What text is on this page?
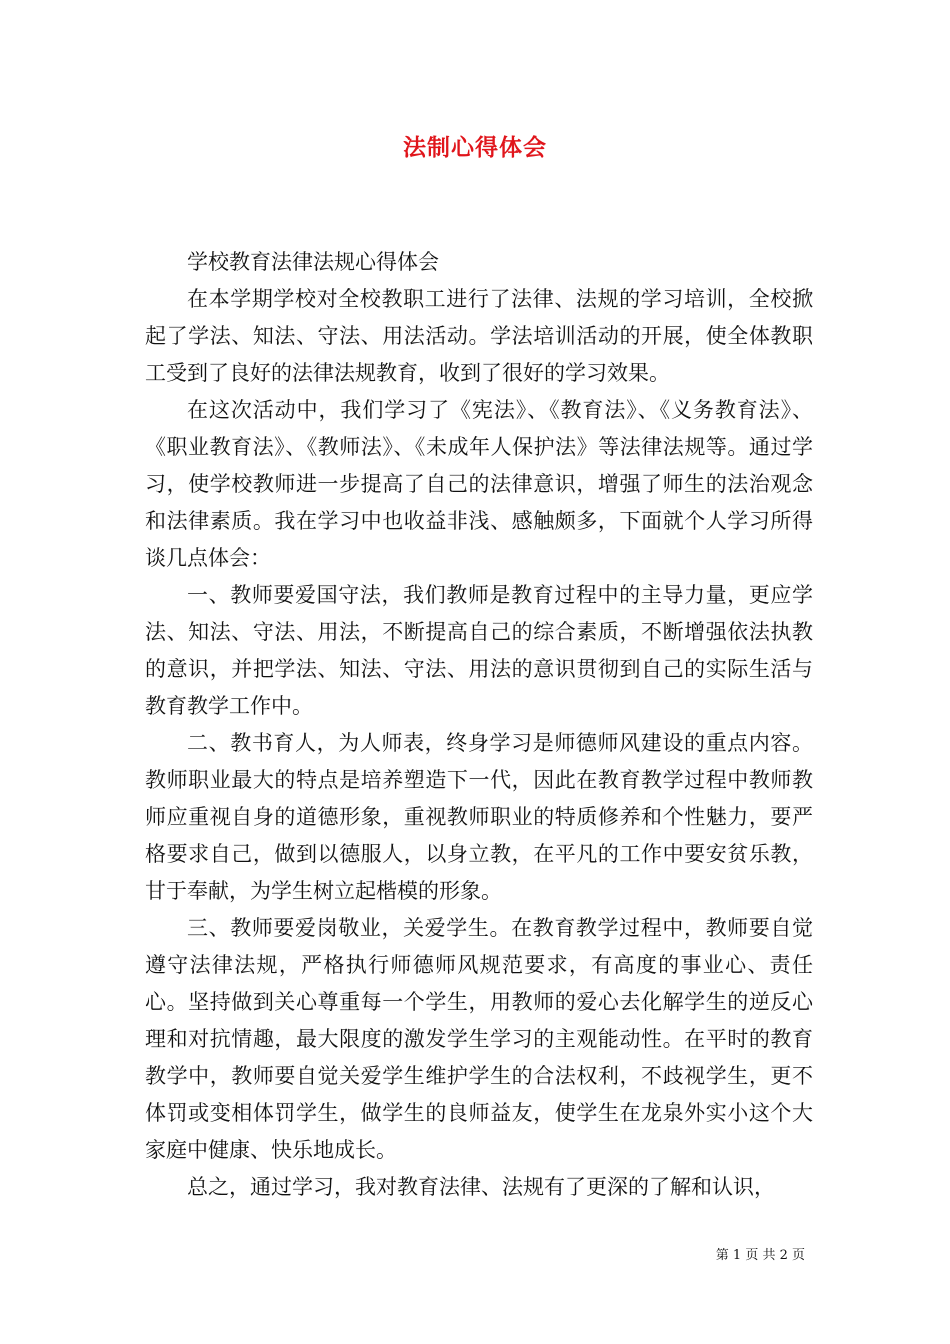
法制心得体会

学校教育法律法规心得体会

在本学期学校对全校教职工进行了法律、法规的学习培训，全校掀起了学法、知法、守法、用法活动。学法培训活动的开展，使全体教职工受到了良好的法律法规教育，收到了很好的学习效果。

在这次活动中，我们学习了《宪法》、《教育法》、《义务教育法》、《职业教育法》、《教师法》、《未成年人保护法》等法律法规等。通过学习，使学校教师进一步提高了自己的法律意识，增强了师生的法治观念和法律素质。我在学习中也收益非浅、感触颇多，下面就个人学习所得谈几点体会：

一、教师要爱国守法，我们教师是教育过程中的主导力量，更应学法、知法、守法、用法，不断提高自己的综合素质，不断增强依法执教的意识，并把学法、知法、守法、用法的意识贯彻到自己的实际生活与教育教学工作中。

二、教书育人，为人师表，终身学习是师德师风建设的重点内容。教师职业最大的特点是培养塑造下一代，因此在教育教学过程中教师教师应重视自身的道德形象，重视教师职业的特质修养和个性魅力，要严格要求自己，做到以德服人，以身立教，在平凡的工作中要安贫乐教，甘于奉献，为学生树立起楷模的形象。

三、教师要爱岗敬业，关爱学生。在教育教学过程中，教师要自觉遵守法律法规，严格执行师德师风规范要求，有高度的事业心、责任心。坚持做到关心尊重每一个学生，用教师的爱心去化解学生的逆反心理和对抗情趣，最大限度的激发学生学习的主观能动性。在平时的教育教学中，教师要自觉关爱学生维护学生的合法权利，不歧视学生，更不体罚或变相体罚学生，做学生的良师益友，使学生在龙泉外实小这个大家庭中健康、快乐地成长。

总之，通过学习，我对教育法律、法规有了更深的了解和认识，

第 1 页 共 2 页
